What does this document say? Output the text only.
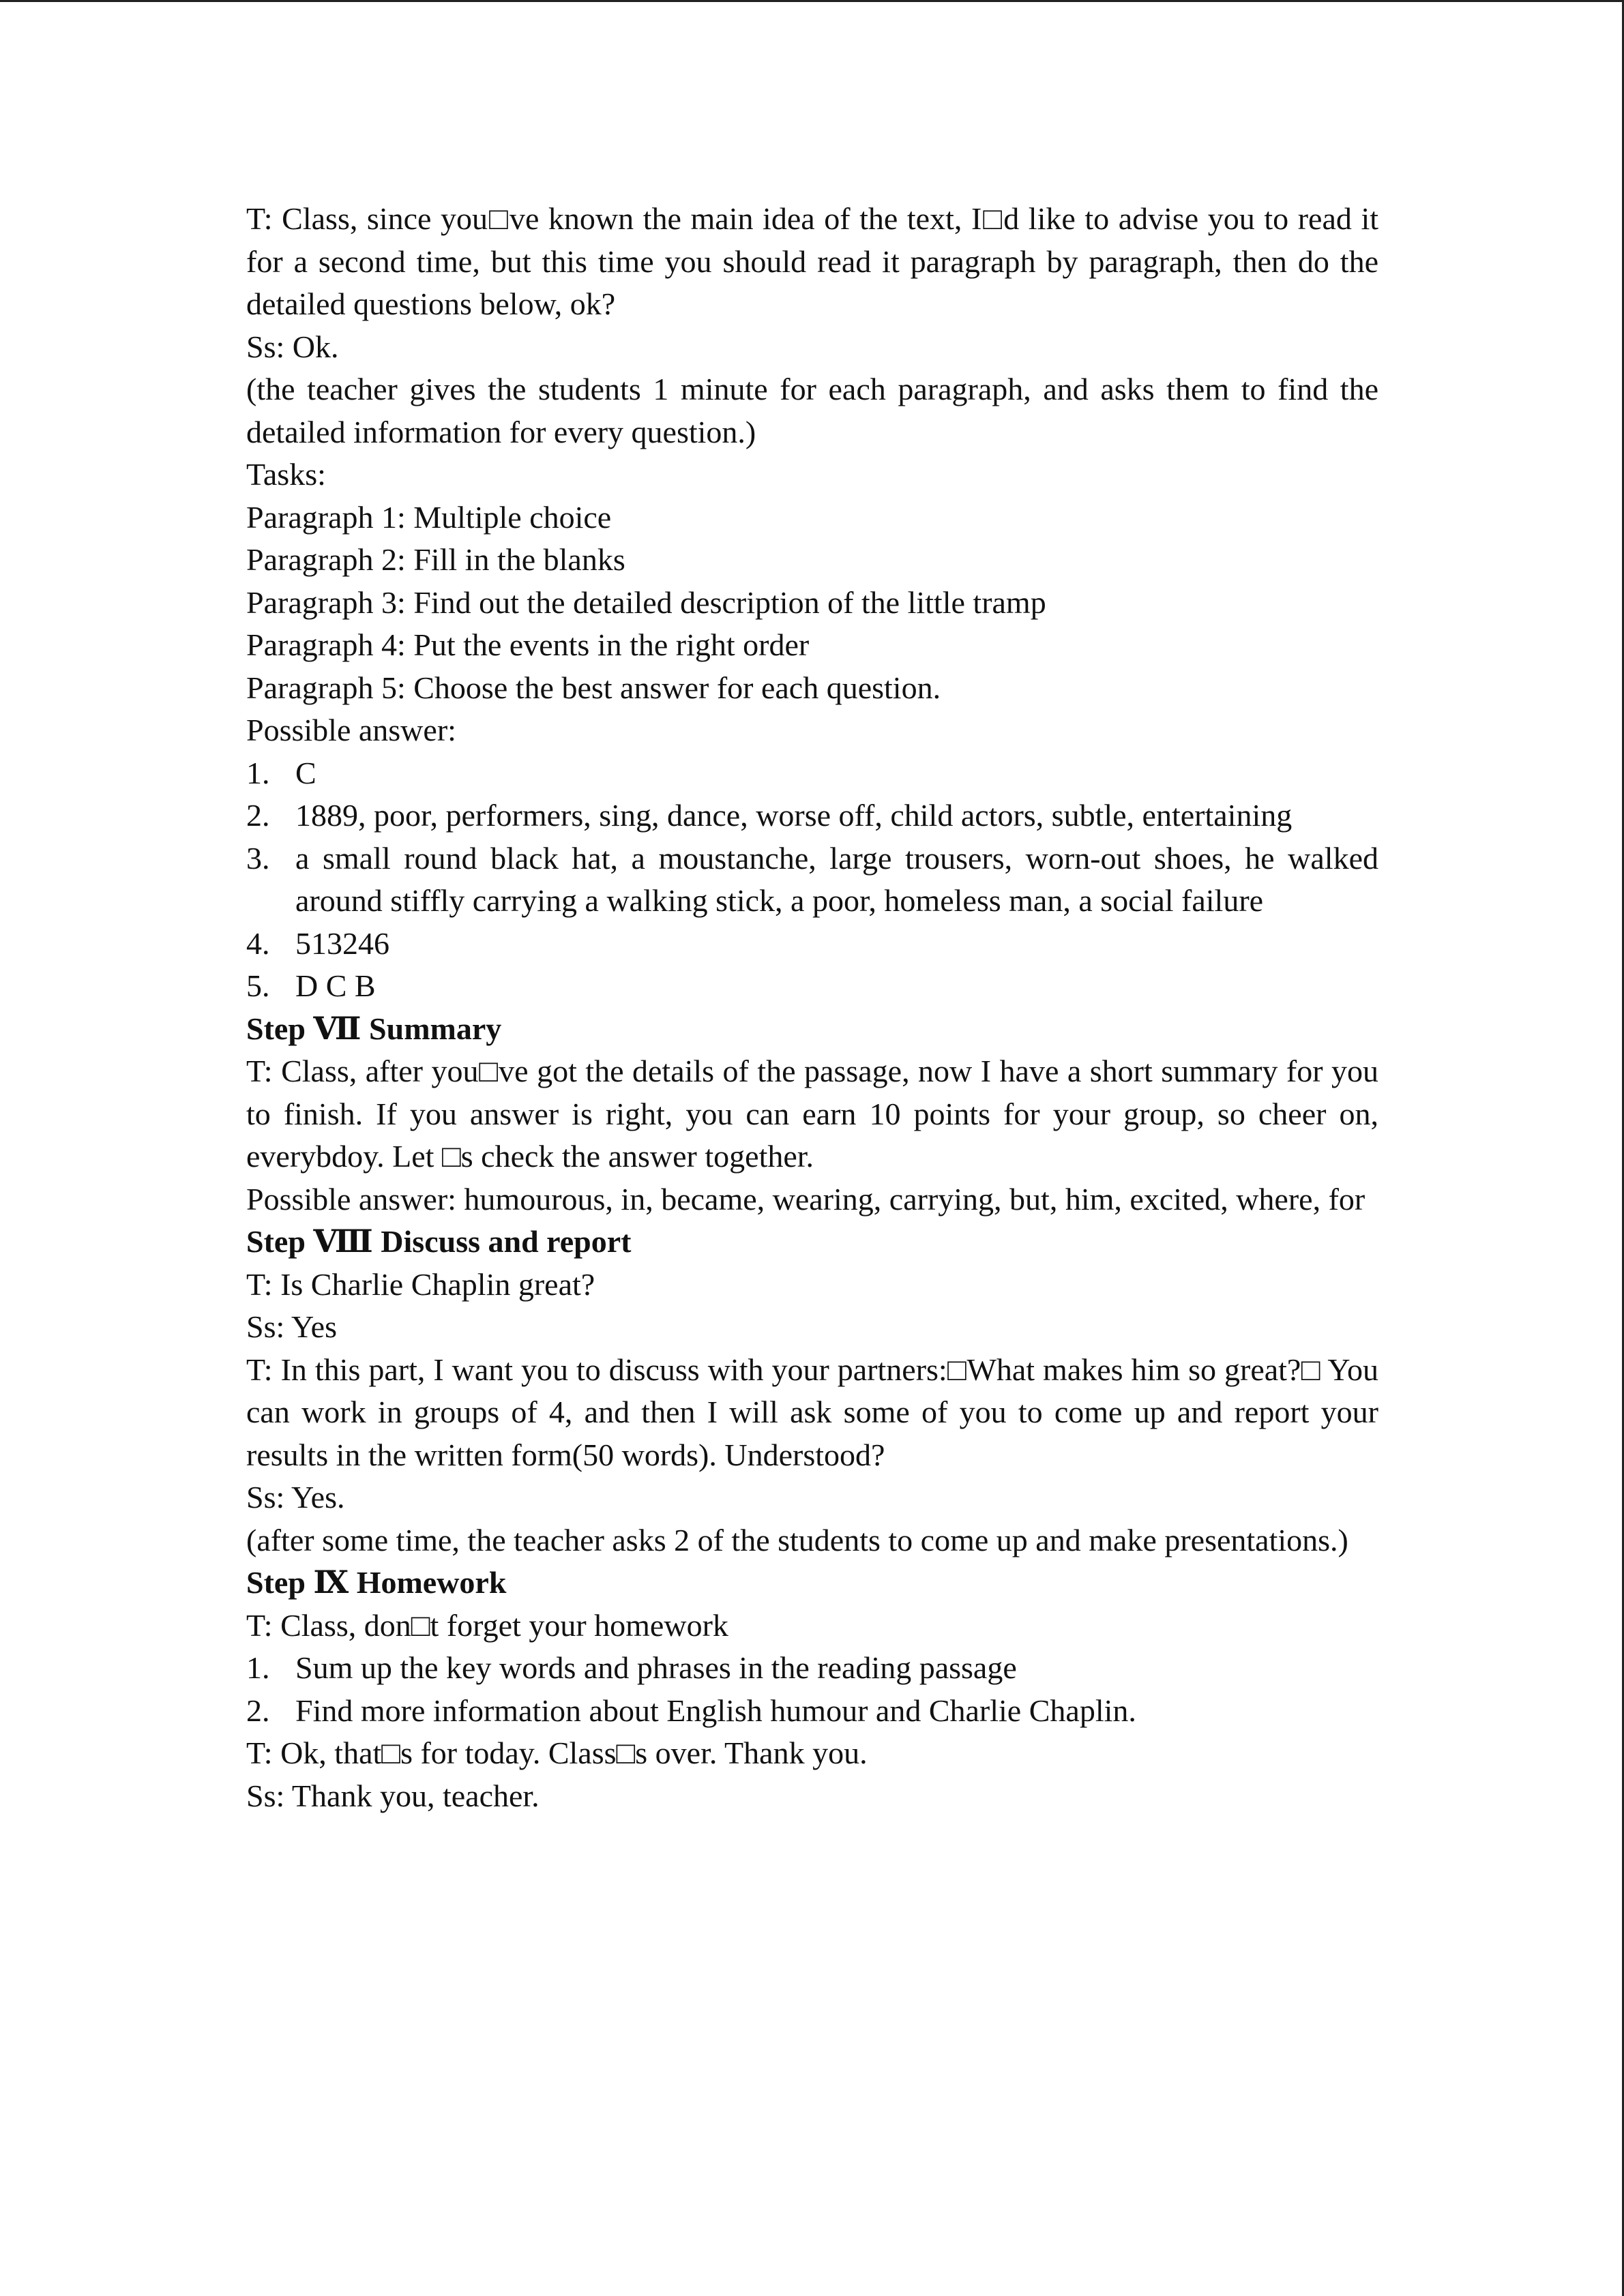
T: Class, since you□ve known the main idea of the text, I□d like to advise you to read it for a second time, but this time you should read it paragraph by paragraph, then do the detailed questions below, ok?

Ss: Ok.

(the teacher gives the students 1 minute for each paragraph, and asks them to find the detailed information for every question.)

Tasks:

Paragraph 1: Multiple choice

Paragraph 2: Fill in the blanks

Paragraph 3: Find out the detailed description of the little tramp

Paragraph 4: Put the events in the right order

Paragraph 5: Choose the best answer for each question.

Possible answer:

1. C
2. 1889, poor, performers, sing, dance, worse off, child actors, subtle, entertaining
3. a small round black hat, a moustanche, large trousers, worn-out shoes, he walked around stiffly carrying a walking stick, a poor, homeless man, a social failure
4. 513246
5. D C B

Step Ⅶ Summary

T: Class, after you□ve got the details of the passage, now I have a short summary for you to finish. If you answer is right, you can earn 10 points for your group, so cheer on, everybdoy. Let □s check the answer together.

Possible answer: humourous, in, became, wearing, carrying, but, him, excited, where, for

Step Ⅷ Discuss and report

T: Is Charlie Chaplin great?

Ss: Yes

T: In this part, I want you to discuss with your partners:□What makes him so great?□ You can work in groups of 4, and then I will ask some of you to come up and report your results in the written form(50 words). Understood?

Ss: Yes.

(after some time, the teacher asks 2 of the students to come up and make presentations.)

Step Ⅸ Homework

T: Class, don□t forget your homework

1. Sum up the key words and phrases in the reading passage
2. Find more information about English humour and Charlie Chaplin.

T: Ok, that□s for today. Class□s over. Thank you.

Ss: Thank you, teacher.
